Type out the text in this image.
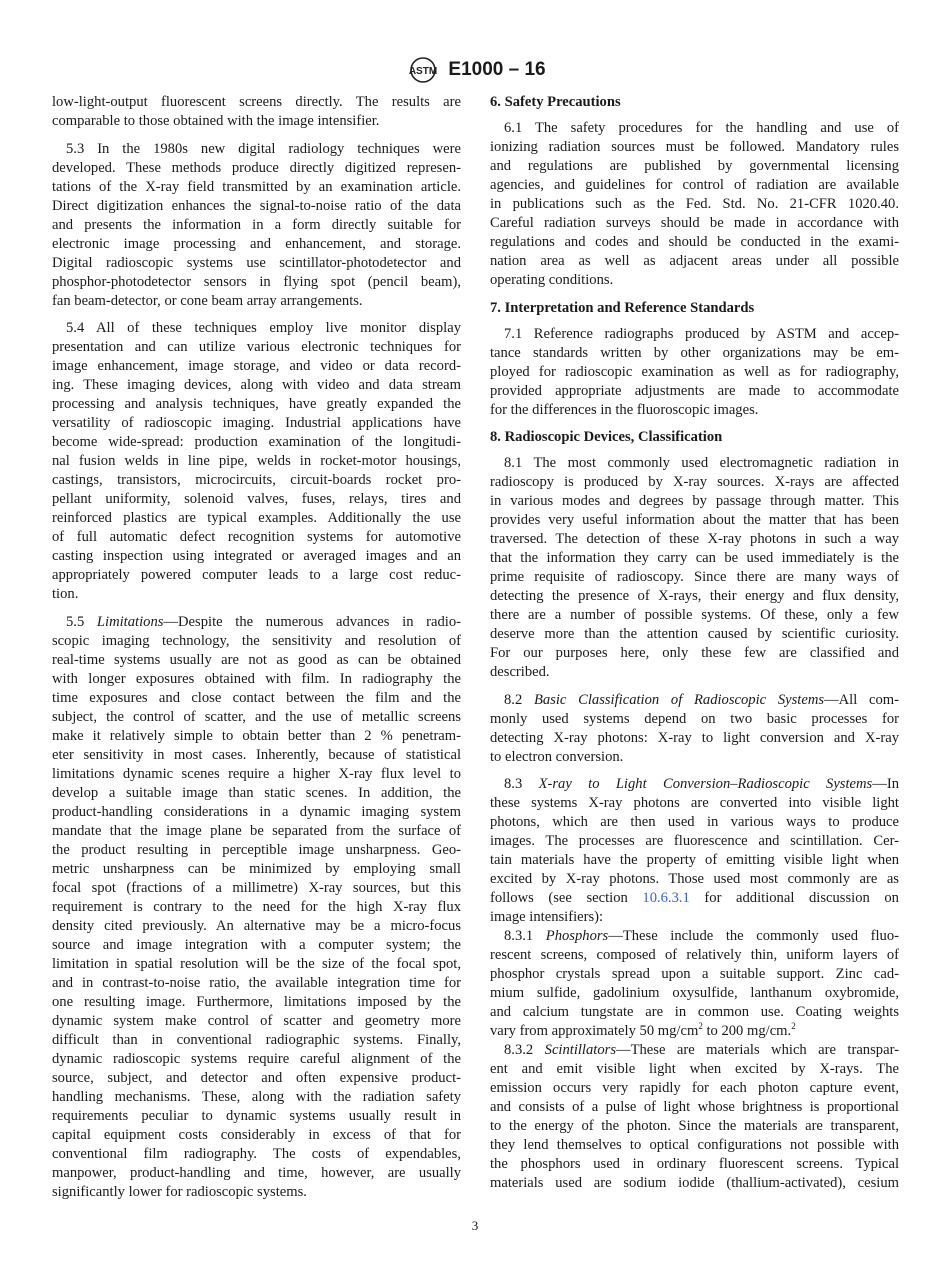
ASTM E1000 – 16
low-light-output fluorescent screens directly. The results are
comparable to those obtained with the image intensifier.
5.3 In the 1980s new digital radiology techniques were
developed. These methods produce directly digitized represen-
tations of the X-ray field transmitted by an examination article.
Direct digitization enhances the signal-to-noise ratio of the data
and presents the information in a form directly suitable for
electronic image processing and enhancement, and storage.
Digital radioscopic systems use scintillator-photodetector and
phosphor-photodetector sensors in flying spot (pencil beam),
fan beam-detector, or cone beam array arrangements.
5.4 All of these techniques employ live monitor display
presentation and can utilize various electronic techniques for
image enhancement, image storage, and video or data record-
ing. These imaging devices, along with video and data stream
processing and analysis techniques, have greatly expanded the
versatility of radioscopic imaging. Industrial applications have
become wide-spread: production examination of the longitudi-
nal fusion welds in line pipe, welds in rocket-motor housings,
castings, transistors, microcircuits, circuit-boards rocket pro-
pellant uniformity, solenoid valves, fuses, relays, tires and
reinforced plastics are typical examples. Additionally the use
of full automatic defect recognition systems for automotive
casting inspection using integrated or averaged images and an
appropriately powered computer leads to a large cost reduc-
tion.
5.5 Limitations—Despite the numerous advances in radio-
scopic imaging technology, the sensitivity and resolution of
real-time systems usually are not as good as can be obtained
with longer exposures obtained with film. In radiography the
time exposures and close contact between the film and the
subject, the control of scatter, and the use of metallic screens
make it relatively simple to obtain better than 2 % penetram-
eter sensitivity in most cases. Inherently, because of statistical
limitations dynamic scenes require a higher X-ray flux level to
develop a suitable image than static scenes. In addition, the
product-handling considerations in a dynamic imaging system
mandate that the image plane be separated from the surface of
the product resulting in perceptible image unsharpness. Geo-
metric unsharpness can be minimized by employing small
focal spot (fractions of a millimetre) X-ray sources, but this
requirement is contrary to the need for the high X-ray flux
density cited previously. An alternative may be a micro-focus
source and image integration with a computer system; the
limitation in spatial resolution will be the size of the focal spot,
and in contrast-to-noise ratio, the available integration time for
one resulting image. Furthermore, limitations imposed by the
dynamic system make control of scatter and geometry more
difficult than in conventional radiographic systems. Finally,
dynamic radioscopic systems require careful alignment of the
source, subject, and detector and often expensive product-
handling mechanisms. These, along with the radiation safety
requirements peculiar to dynamic systems usually result in
capital equipment costs considerably in excess of that for
conventional film radiography. The costs of expendables,
manpower, product-handling and time, however, are usually
significantly lower for radioscopic systems.
6. Safety Precautions
6.1 The safety procedures for the handling and use of
ionizing radiation sources must be followed. Mandatory rules
and regulations are published by governmental licensing
agencies, and guidelines for control of radiation are available
in publications such as the Fed. Std. No. 21-CFR 1020.40.
Careful radiation surveys should be made in accordance with
regulations and codes and should be conducted in the exami-
nation area as well as adjacent areas under all possible
operating conditions.
7. Interpretation and Reference Standards
7.1 Reference radiographs produced by ASTM and accep-
tance standards written by other organizations may be em-
ployed for radioscopic examination as well as for radiography,
provided appropriate adjustments are made to accommodate
for the differences in the fluoroscopic images.
8. Radioscopic Devices, Classification
8.1 The most commonly used electromagnetic radiation in
radioscopy is produced by X-ray sources. X-rays are affected
in various modes and degrees by passage through matter. This
provides very useful information about the matter that has been
traversed. The detection of these X-ray photons in such a way
that the information they carry can be used immediately is the
prime requisite of radioscopy. Since there are many ways of
detecting the presence of X-rays, their energy and flux density,
there are a number of possible systems. Of these, only a few
deserve more than the attention caused by scientific curiosity.
For our purposes here, only these few are classified and
described.
8.2 Basic Classification of Radioscopic Systems—All com-
monly used systems depend on two basic processes for
detecting X-ray photons: X-ray to light conversion and X-ray
to electron conversion.
8.3 X-ray to Light Conversion–Radioscopic Systems—In
these systems X-ray photons are converted into visible light
photons, which are then used in various ways to produce
images. The processes are fluorescence and scintillation. Cer-
tain materials have the property of emitting visible light when
excited by X-ray photons. Those used most commonly are as
follows (see section 10.6.3.1 for additional discussion on
image intensifiers):
8.3.1 Phosphors—These include the commonly used fluo-
rescent screens, composed of relatively thin, uniform layers of
phosphor crystals spread upon a suitable support. Zinc cad-
mium sulfide, gadolinium oxysulfide, lanthanum oxybromide,
and calcium tungstate are in common use. Coating weights
vary from approximately 50 $mg/cm^2$ to 200 mg/cm.$^2$
8.3.2 Scintillators—These are materials which are transpar-
ent and emit visible light when excited by X-rays. The
emission occurs very rapidly for each photon capture event,
and consists of a pulse of light whose brightness is proportional
to the energy of the photon. Since the materials are transparent,
they lend themselves to optical configurations not possible with
the phosphors used in ordinary fluorescent screens. Typical
materials used are sodium iodide (thallium-activated), cesium
3
